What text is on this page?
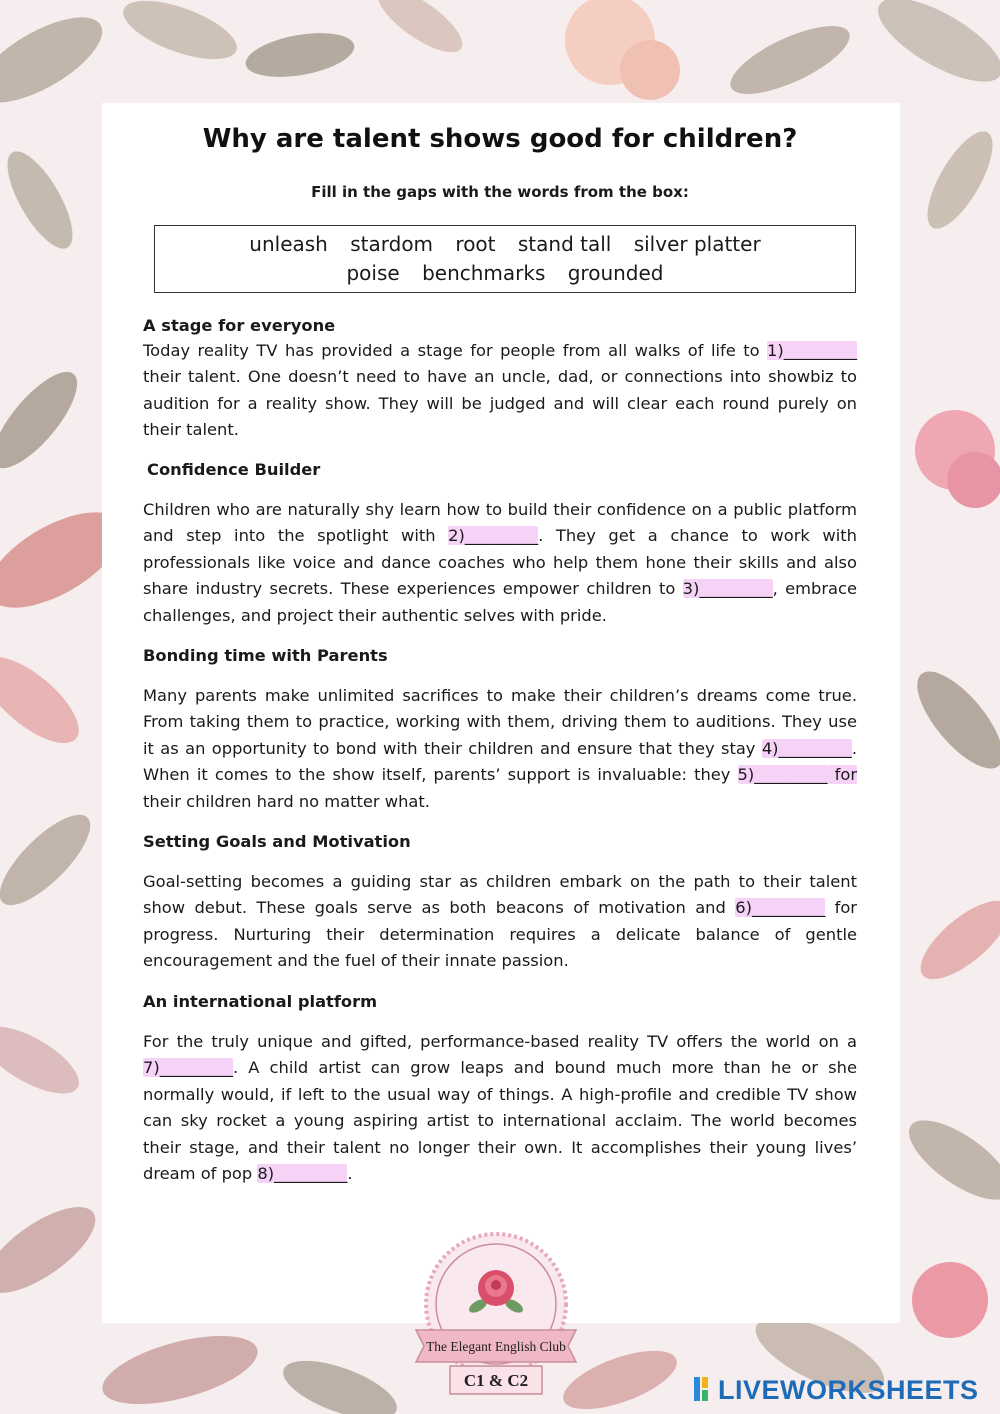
Why are talent shows good for children?
Fill in the gaps with the words from the box:
unleash stardom root stand tall silver platter
poise benchmarks grounded
A stage for everyone
Today reality TV has provided a stage for people from all walks of life to 1)_________ their talent. One doesn’t need to have an uncle, dad, or connections into showbiz to audition for a reality show. They will be judged and will clear each round purely on their talent.
Confidence Builder
Children who are naturally shy learn how to build their confidence on a public platform and step into the spotlight with 2)_________. They get a chance to work with professionals like voice and dance coaches who help them hone their skills and also share industry secrets. These experiences empower children to 3)_________, embrace challenges, and project their authentic selves with pride.
Bonding time with Parents
Many parents make unlimited sacrifices to make their children’s dreams come true. From taking them to practice, working with them, driving them to auditions. They use it as an opportunity to bond with their children and ensure that they stay 4)_________. When it comes to the show itself, parents’ support is invaluable: they 5)_________ for their children hard no matter what.
Setting Goals and Motivation
Goal-setting becomes a guiding star as children embark on the path to their talent show debut. These goals serve as both beacons of motivation and 6)_________ for progress. Nurturing their determination requires a delicate balance of gentle encouragement and the fuel of their innate passion.
An international platform
For the truly unique and gifted, performance-based reality TV offers the world on a 7)_________. A child artist can grow leaps and bound much more than he or she normally would, if left to the usual way of things. A high-profile and credible TV show can sky rocket a young aspiring artist to international acclaim. The world becomes their stage, and their talent no longer their own. It accomplishes their young lives’ dream of pop 8)_________.
The Elegant English Club
C1 & C2	LIVEWORKSHEETS
